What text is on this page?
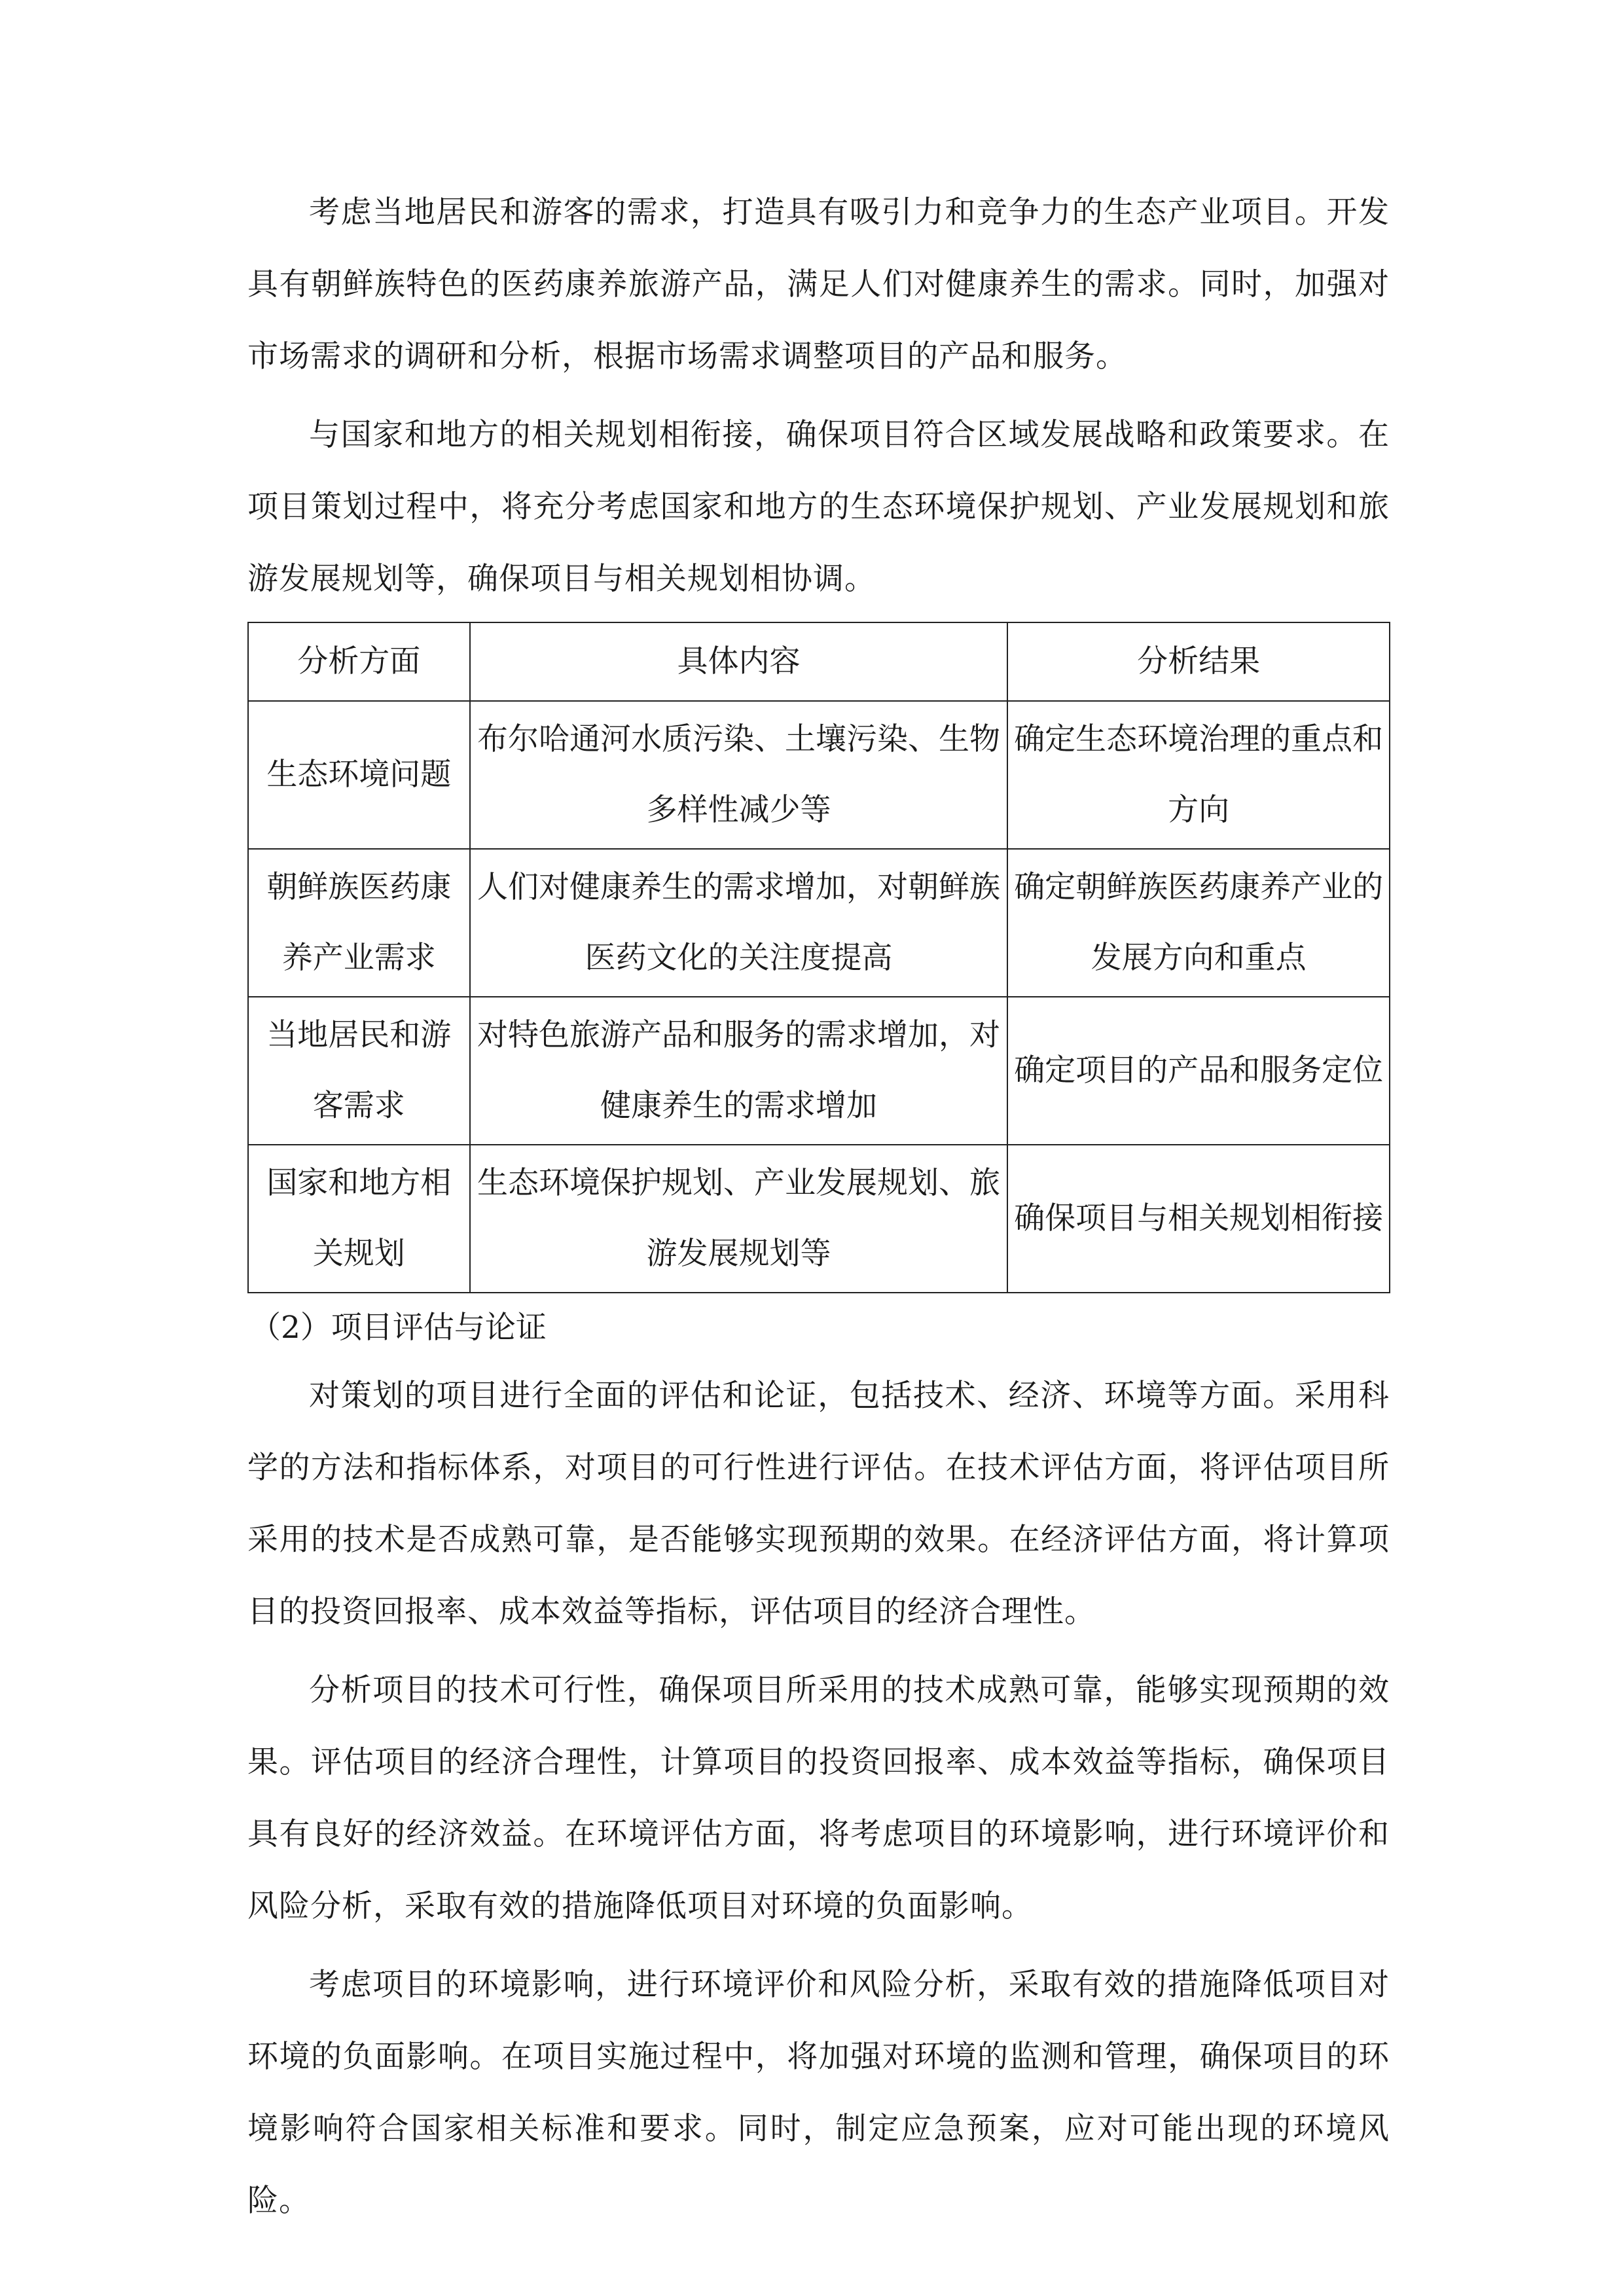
考虑当地居民和游客的需求，打造具有吸引力和竞争力的生态产业项目。开发具有朝鲜族特色的医药康养旅游产品，满足人们对健康养生的需求。同时，加强对市场需求的调研和分析，根据市场需求调整项目的产品和服务。

与国家和地方的相关规划相衔接，确保项目符合区域发展战略和政策要求。在项目策划过程中，将充分考虑国家和地方的生态环境保护规划、产业发展规划和旅游发展规划等，确保项目与相关规划相协调。

分析方面	具体内容	分析结果
生态环境问题	布尔哈通河水质污染、土壤污染、生物多样性减少等	确定生态环境治理的重点和方向
朝鲜族医药康养产业需求	人们对健康养生的需求增加，对朝鲜族医药文化的关注度提高	确定朝鲜族医药康养产业的发展方向和重点
当地居民和游客需求	对特色旅游产品和服务的需求增加，对健康养生的需求增加	确定项目的产品和服务定位
国家和地方相关规划	生态环境保护规划、产业发展规划、旅游发展规划等	确保项目与相关规划相衔接

（2）项目评估与论证

对策划的项目进行全面的评估和论证，包括技术、经济、环境等方面。采用科学的方法和指标体系，对项目的可行性进行评估。在技术评估方面，将评估项目所采用的技术是否成熟可靠，是否能够实现预期的效果。在经济评估方面，将计算项目的投资回报率、成本效益等指标，评估项目的经济合理性。

分析项目的技术可行性，确保项目所采用的技术成熟可靠，能够实现预期的效果。评估项目的经济合理性，计算项目的投资回报率、成本效益等指标，确保项目具有良好的经济效益。在环境评估方面，将考虑项目的环境影响，进行环境评价和风险分析，采取有效的措施降低项目对环境的负面影响。

考虑项目的环境影响，进行环境评价和风险分析，采取有效的措施降低项目对环境的负面影响。在项目实施过程中，将加强对环境的监测和管理，确保项目的环境影响符合国家相关标准和要求。同时，制定应急预案，应对可能出现的环境风险。
